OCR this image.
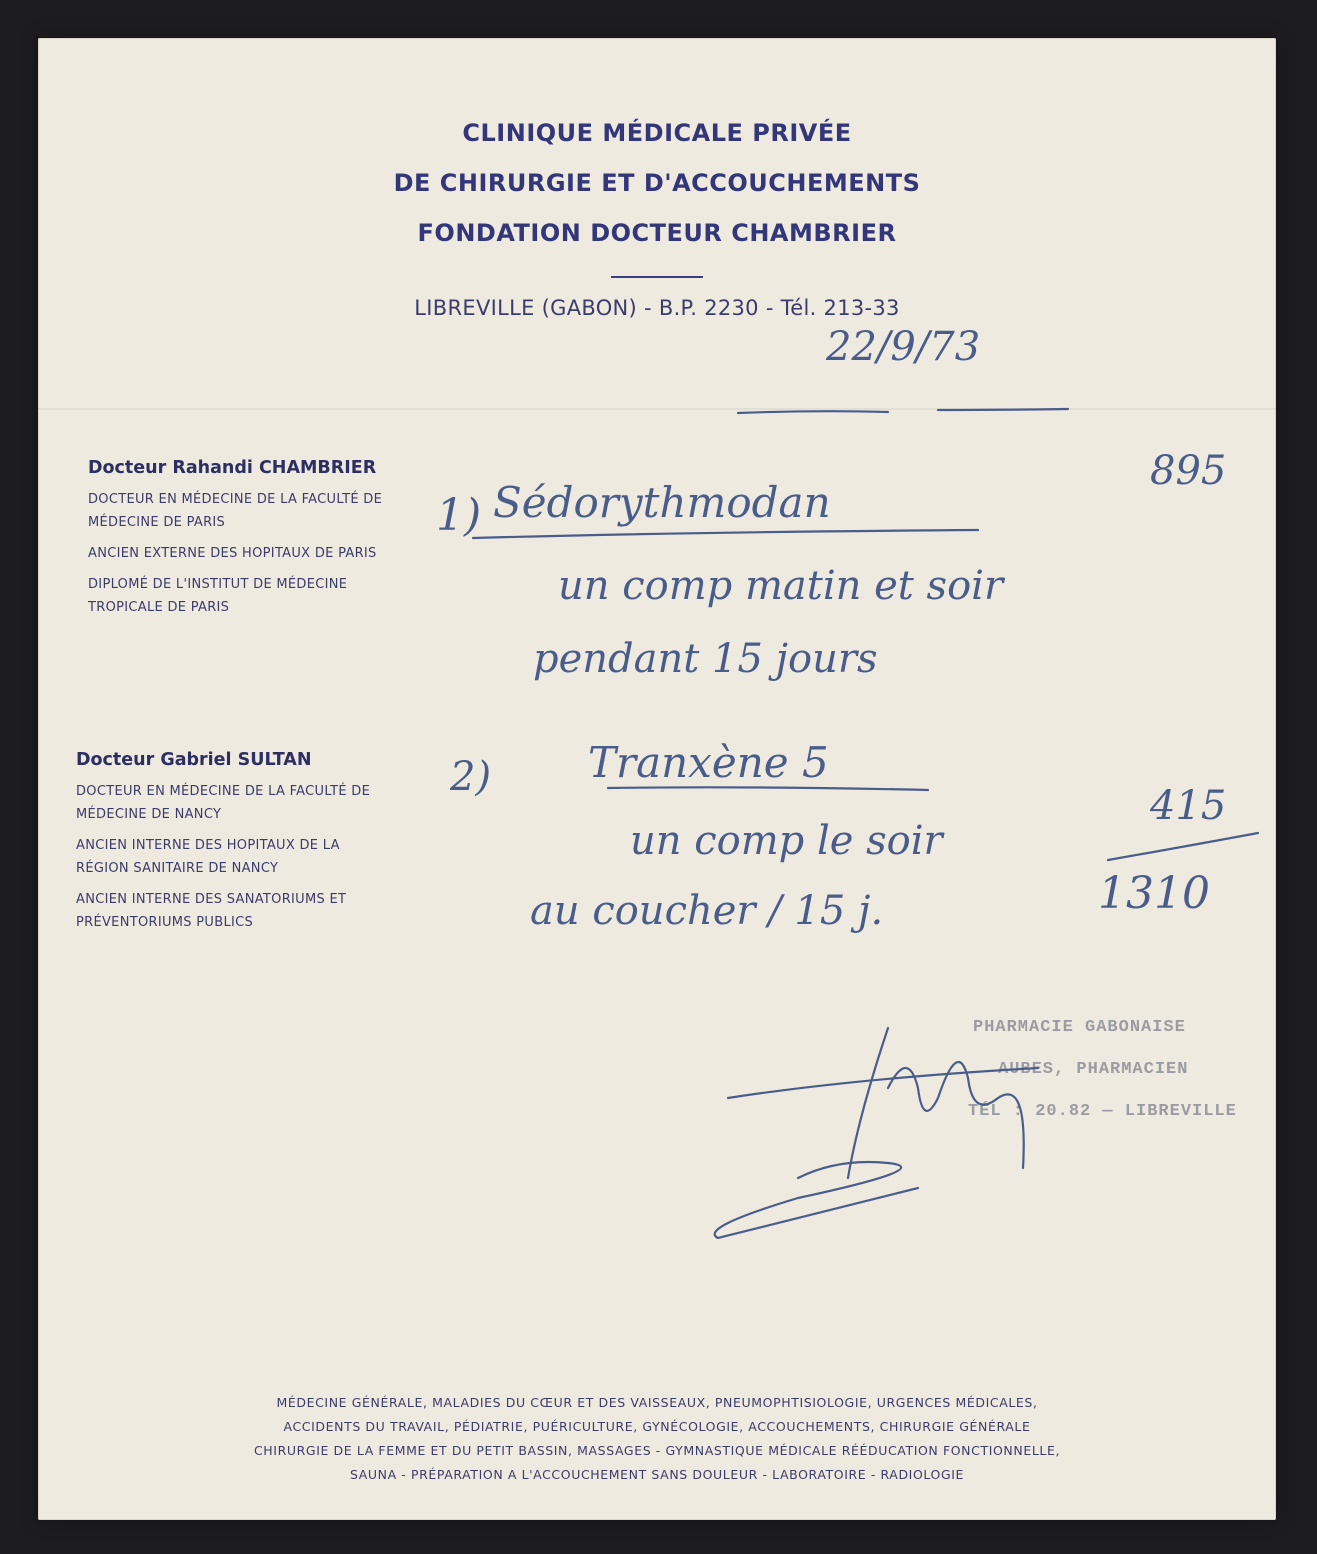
CLINIQUE MÉDICALE PRIVÉE
DE CHIRURGIE ET D'ACCOUCHEMENTS
FONDATION DOCTEUR CHAMBRIER
LIBREVILLE (GABON) - B.P. 2230 - Tél. 213-33
Docteur Rahandi CHAMBRIER
DOCTEUR EN MÉDECINE DE LA FACULTÉ DE
MÉDECINE DE PARIS
ANCIEN EXTERNE DES HOPITAUX DE PARIS
DIPLOMÉ DE L'INSTITUT DE MÉDECINE
TROPICALE DE PARIS
Docteur Gabriel SULTAN
DOCTEUR EN MÉDECINE DE LA FACULTÉ DE
MÉDECINE DE NANCY
ANCIEN INTERNE DES HOPITAUX DE LA
RÉGION SANITAIRE DE NANCY
ANCIEN INTERNE DES SANATORIUMS ET
PRÉVENTORIUMS PUBLICS
22/9/73
1) Sédorythmodan
895
un comp matin et soir
pendant 15 jours
2) Tranxène 5
un comp le soir
415
au coucher / 15 j.	1310
PHARMACIE GABONAISE
AUBES, PHARMACIEN
TÉL : 20.82 — LIBREVILLE
MÉDECINE GÉNÉRALE, MALADIES DU CŒUR ET DES VAISSEAUX, PNEUMOPHTISIOLOGIE, URGENCES MÉDICALES,
ACCIDENTS DU TRAVAIL, PÉDIATRIE, PUÉRICULTURE, GYNÉCOLOGIE, ACCOUCHEMENTS, CHIRURGIE GÉNÉRALE
CHIRURGIE DE LA FEMME ET DU PETIT BASSIN, MASSAGES - GYMNASTIQUE MÉDICALE RÉÉDUCATION FONCTIONNELLE,
SAUNA - PRÉPARATION A L'ACCOUCHEMENT SANS DOULEUR - LABORATOIRE - RADIOLOGIE
